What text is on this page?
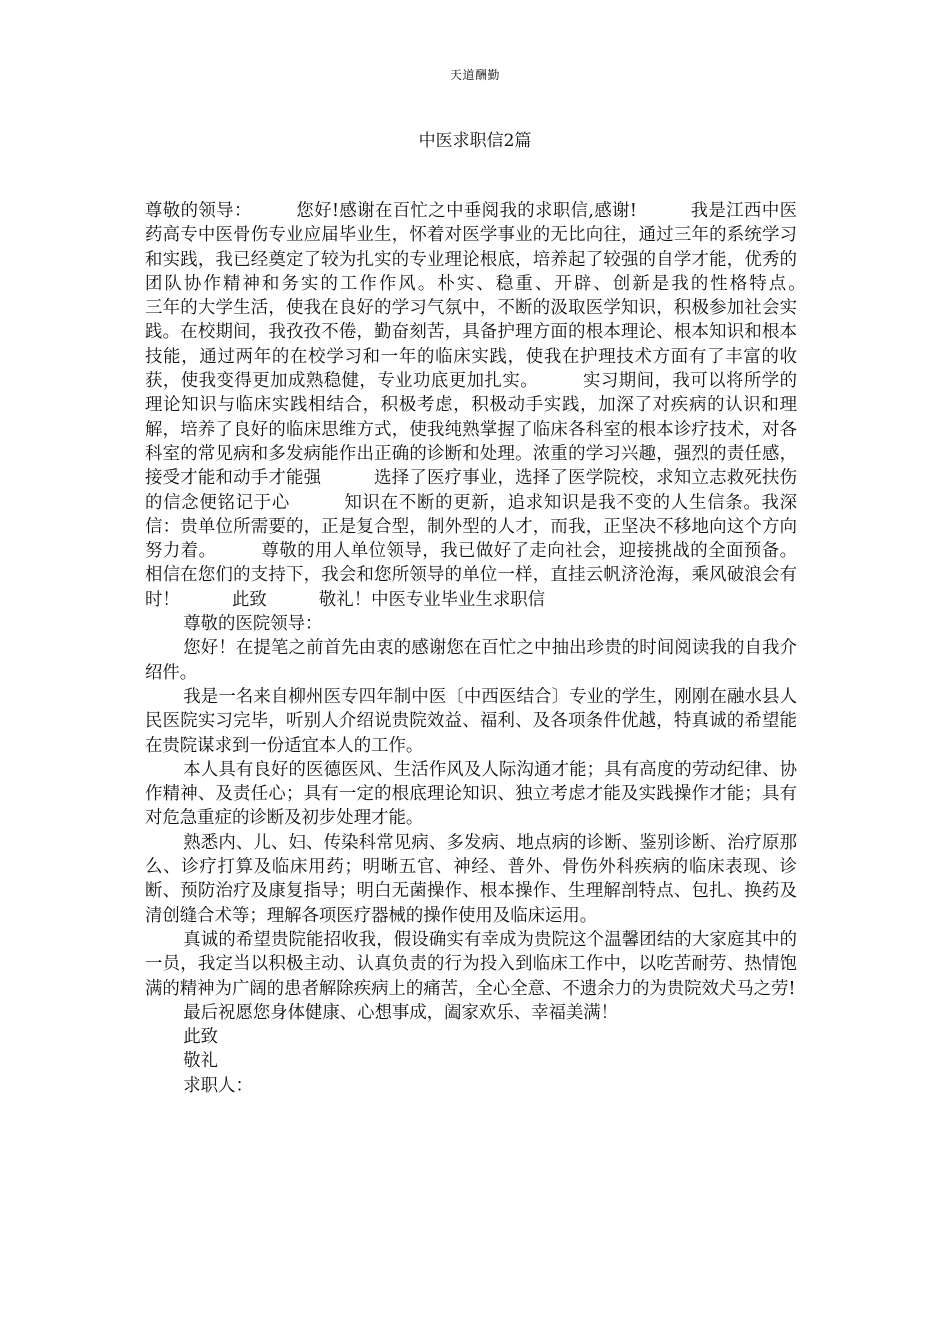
天道酬勤
中医求职信2篇

尊敬的领导：　　　您好!感谢在百忙之中垂阅我的求职信,感谢!　　　我是江西中医药高专中医骨伤专业应届毕业生，怀着对医学事业的无比向往，通过三年的系统学习和实践，我已经奠定了较为扎实的专业理论根底，培养起了较强的自学才能，优秀的团队协作精神和务实的工作作风。朴实、稳重、开辟、创新是我的性格特点。　　　三年的大学生活，使我在良好的学习气氛中，不断的汲取医学知识，积极参加社会实践。在校期间，我孜孜不倦，勤奋刻苦，具备护理方面的根本理论、根本知识和根本技能，通过两年的在校学习和一年的临床实践，使我在护理技术方面有了丰富的收获，使我变得更加成熟稳健，专业功底更加扎实。　　　实习期间，我可以将所学的理论知识与临床实践相结合，积极考虑，积极动手实践，加深了对疾病的认识和理解，培养了良好的临床思维方式，使我纯熟掌握了临床各科室的根本诊疗技术，对各科室的常见病和多发病能作出正确的诊断和处理。浓重的学习兴趣，强烈的责任感，接受才能和动手才能强　　　选择了医疗事业，选择了医学院校，求知立志救死扶伤的信念便铭记于心　　　知识在不断的更新，追求知识是我不变的人生信条。我深信：贵单位所需要的，正是复合型，制外型的人才，而我，正坚决不移地向这个方向努力着。　　　尊敬的用人单位领导，我已做好了走向社会，迎接挑战的全面预备。相信在您们的支持下，我会和您所领导的单位一样，直挂云帆济沧海，乘风破浪会有时！　　　此致　　　敬礼！中医专业毕业生求职信

尊敬的医院领导：

您好！在提笔之前首先由衷的感谢您在百忙之中抽出珍贵的时间阅读我的自我介绍件。

我是一名来自柳州医专四年制中医〔中西医结合〕专业的学生，刚刚在融水县人民医院实习完毕，听别人介绍说贵院效益、福利、及各项条件优越，特真诚的希望能在贵院谋求到一份适宜本人的工作。

本人具有良好的医德医风、生活作风及人际沟通才能；具有高度的劳动纪律、协作精神、及责任心；具有一定的根底理论知识、独立考虑才能及实践操作才能；具有对危急重症的诊断及初步处理才能。

熟悉内、儿、妇、传染科常见病、多发病、地点病的诊断、鉴别诊断、治疗原那么、诊疗打算及临床用药；明晰五官、神经、普外、骨伤外科疾病的临床表现、诊断、预防治疗及康复指导；明白无菌操作、根本操作、生理解剖特点、包扎、换药及清创缝合术等；理解各项医疗器械的操作使用及临床运用。

真诚的希望贵院能招收我，假设确实有幸成为贵院这个温馨团结的大家庭其中的一员，我定当以积极主动、认真负责的行为投入到临床工作中，以吃苦耐劳、热情饱满的精神为广阔的患者解除疾病上的痛苦，全心全意、不遗余力的为贵院效犬马之劳!

最后祝愿您身体健康、心想事成，阖家欢乐、幸福美满！

此致

敬礼

求职人：
